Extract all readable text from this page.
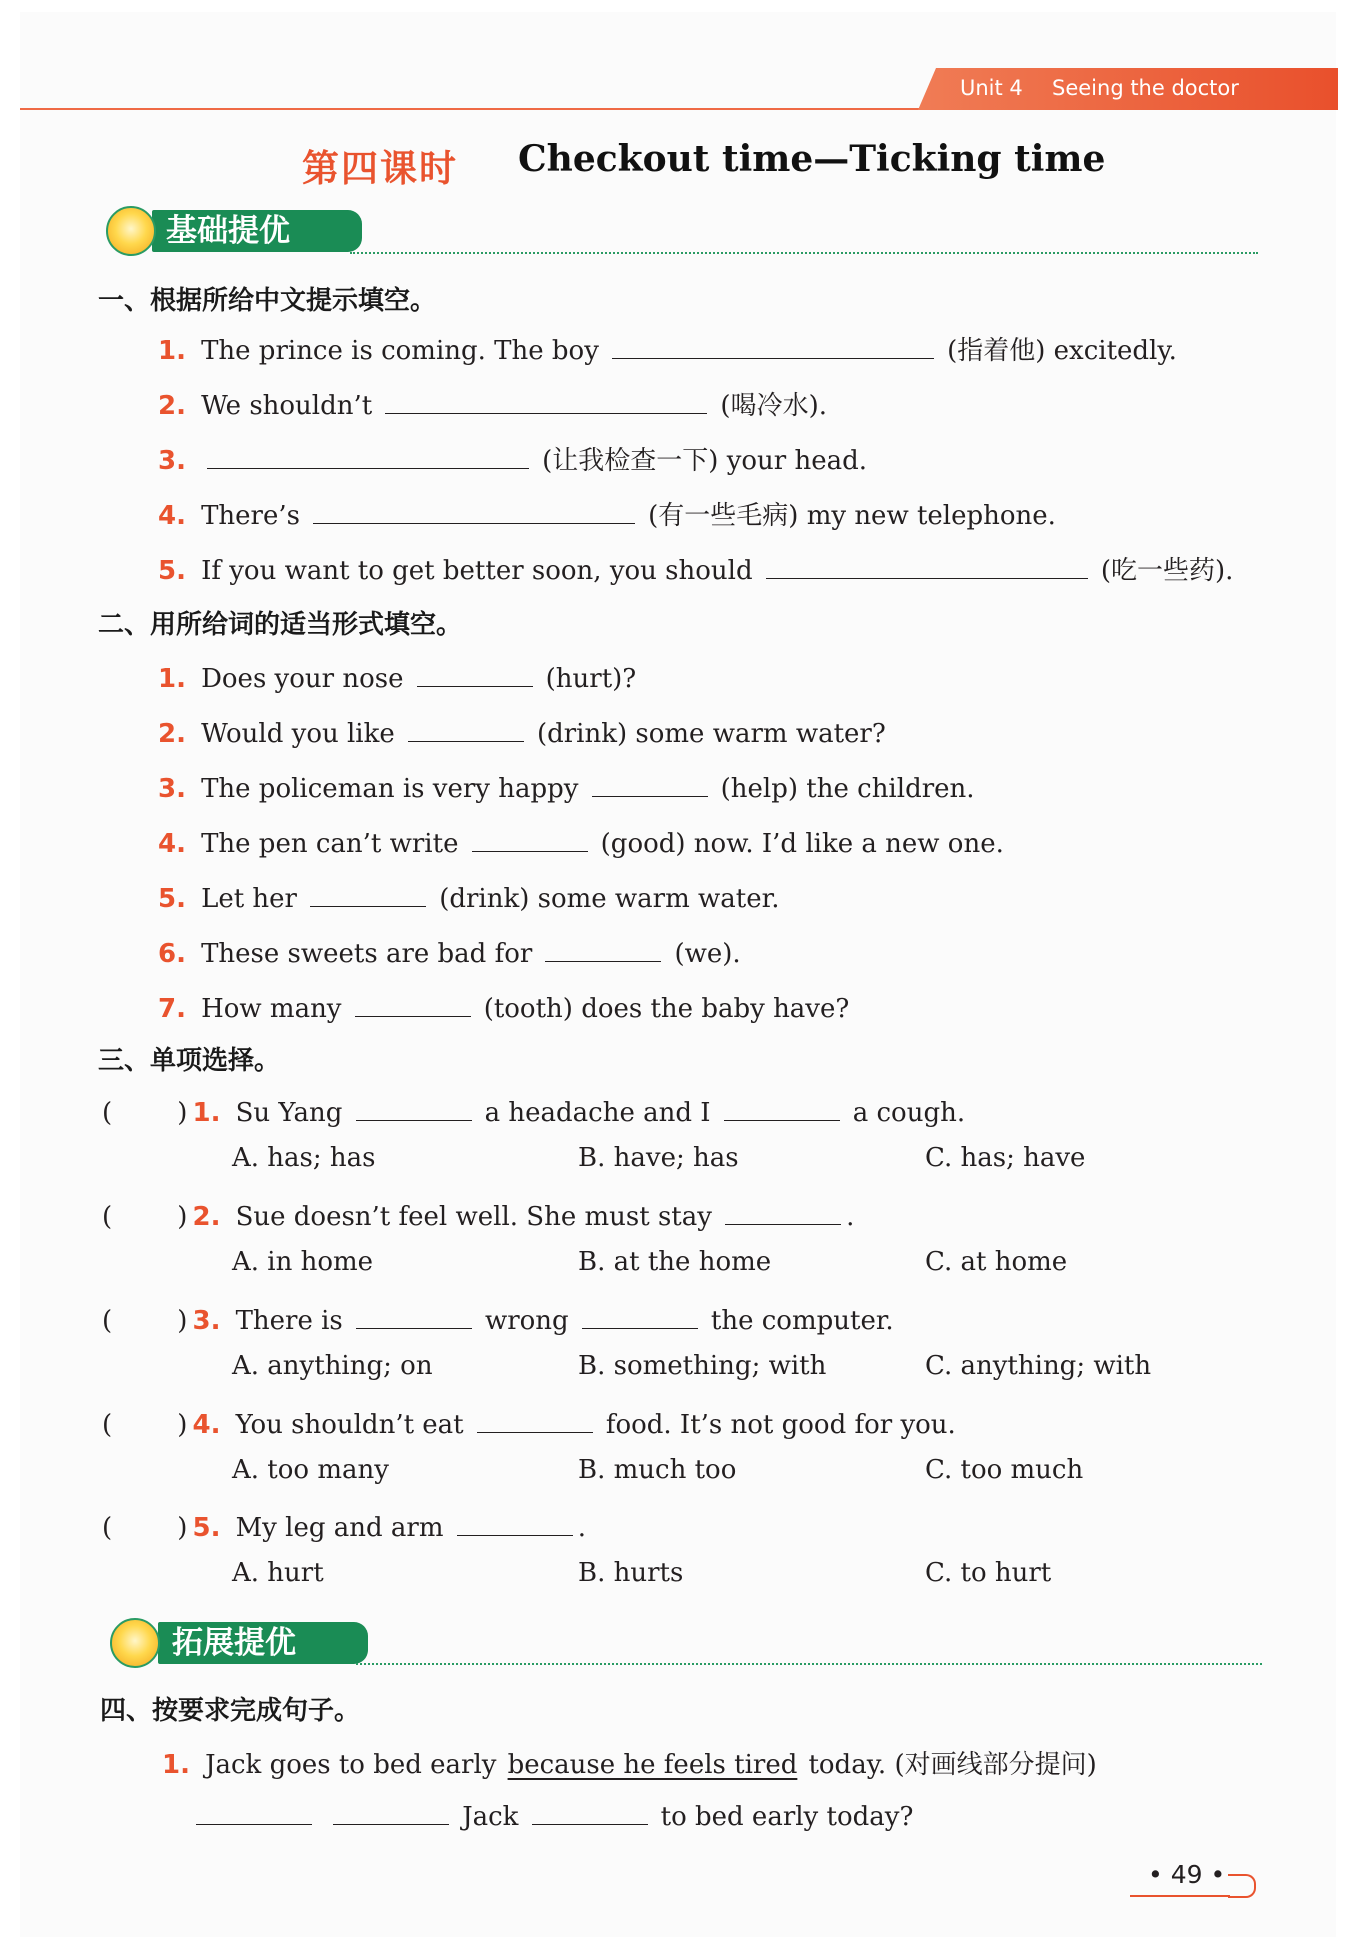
Unit 4 Seeing the doctor
第四课时 Checkout time—Ticking time
基础提优
一、根据所给中文提示填空。
1. The prince is coming. The boy	(指着他) excitedly.
2. We shouldn’t	(喝冷水).
3.	(让我检查一下) your head.
4. There’s	(有一些毛病) my new telephone.
5. If you want to get better soon, you should	(吃一些药).
二、用所给词的适当形式填空。
1. Does your nose	(hurt)?
2. Would you like	(drink) some warm water?
3. The policeman is very happy	(help) the children.
4. The pen can’t write	(good) now. I’d like a new one.
5. Let her	(drink) some warm water.
6. These sweets are bad for	(we).
7. How many	(tooth) does the baby have?
三、单项选择。
(	) 1. Su Yang	a headache and I	a cough.
A. has; has	B. have; has	C. has; have
(	) 2. Sue doesn’t feel well. She must stay	.
A. in home	B. at the home	C. at home
(	) 3. There is	wrong	the computer.
A. anything; on	B. something; with	C. anything; with
(	) 4. You shouldn’t eat	food. It’s not good for you.
A. too many	B. much too	C. too much
(	) 5. My leg and arm	.
A. hurt	B. hurts	C. to hurt
拓展提优
四、按要求完成句子。
1. Jack goes to bed early because he feels tired today. (对画线部分提问)
Jack	to bed early today?
• 49 •
